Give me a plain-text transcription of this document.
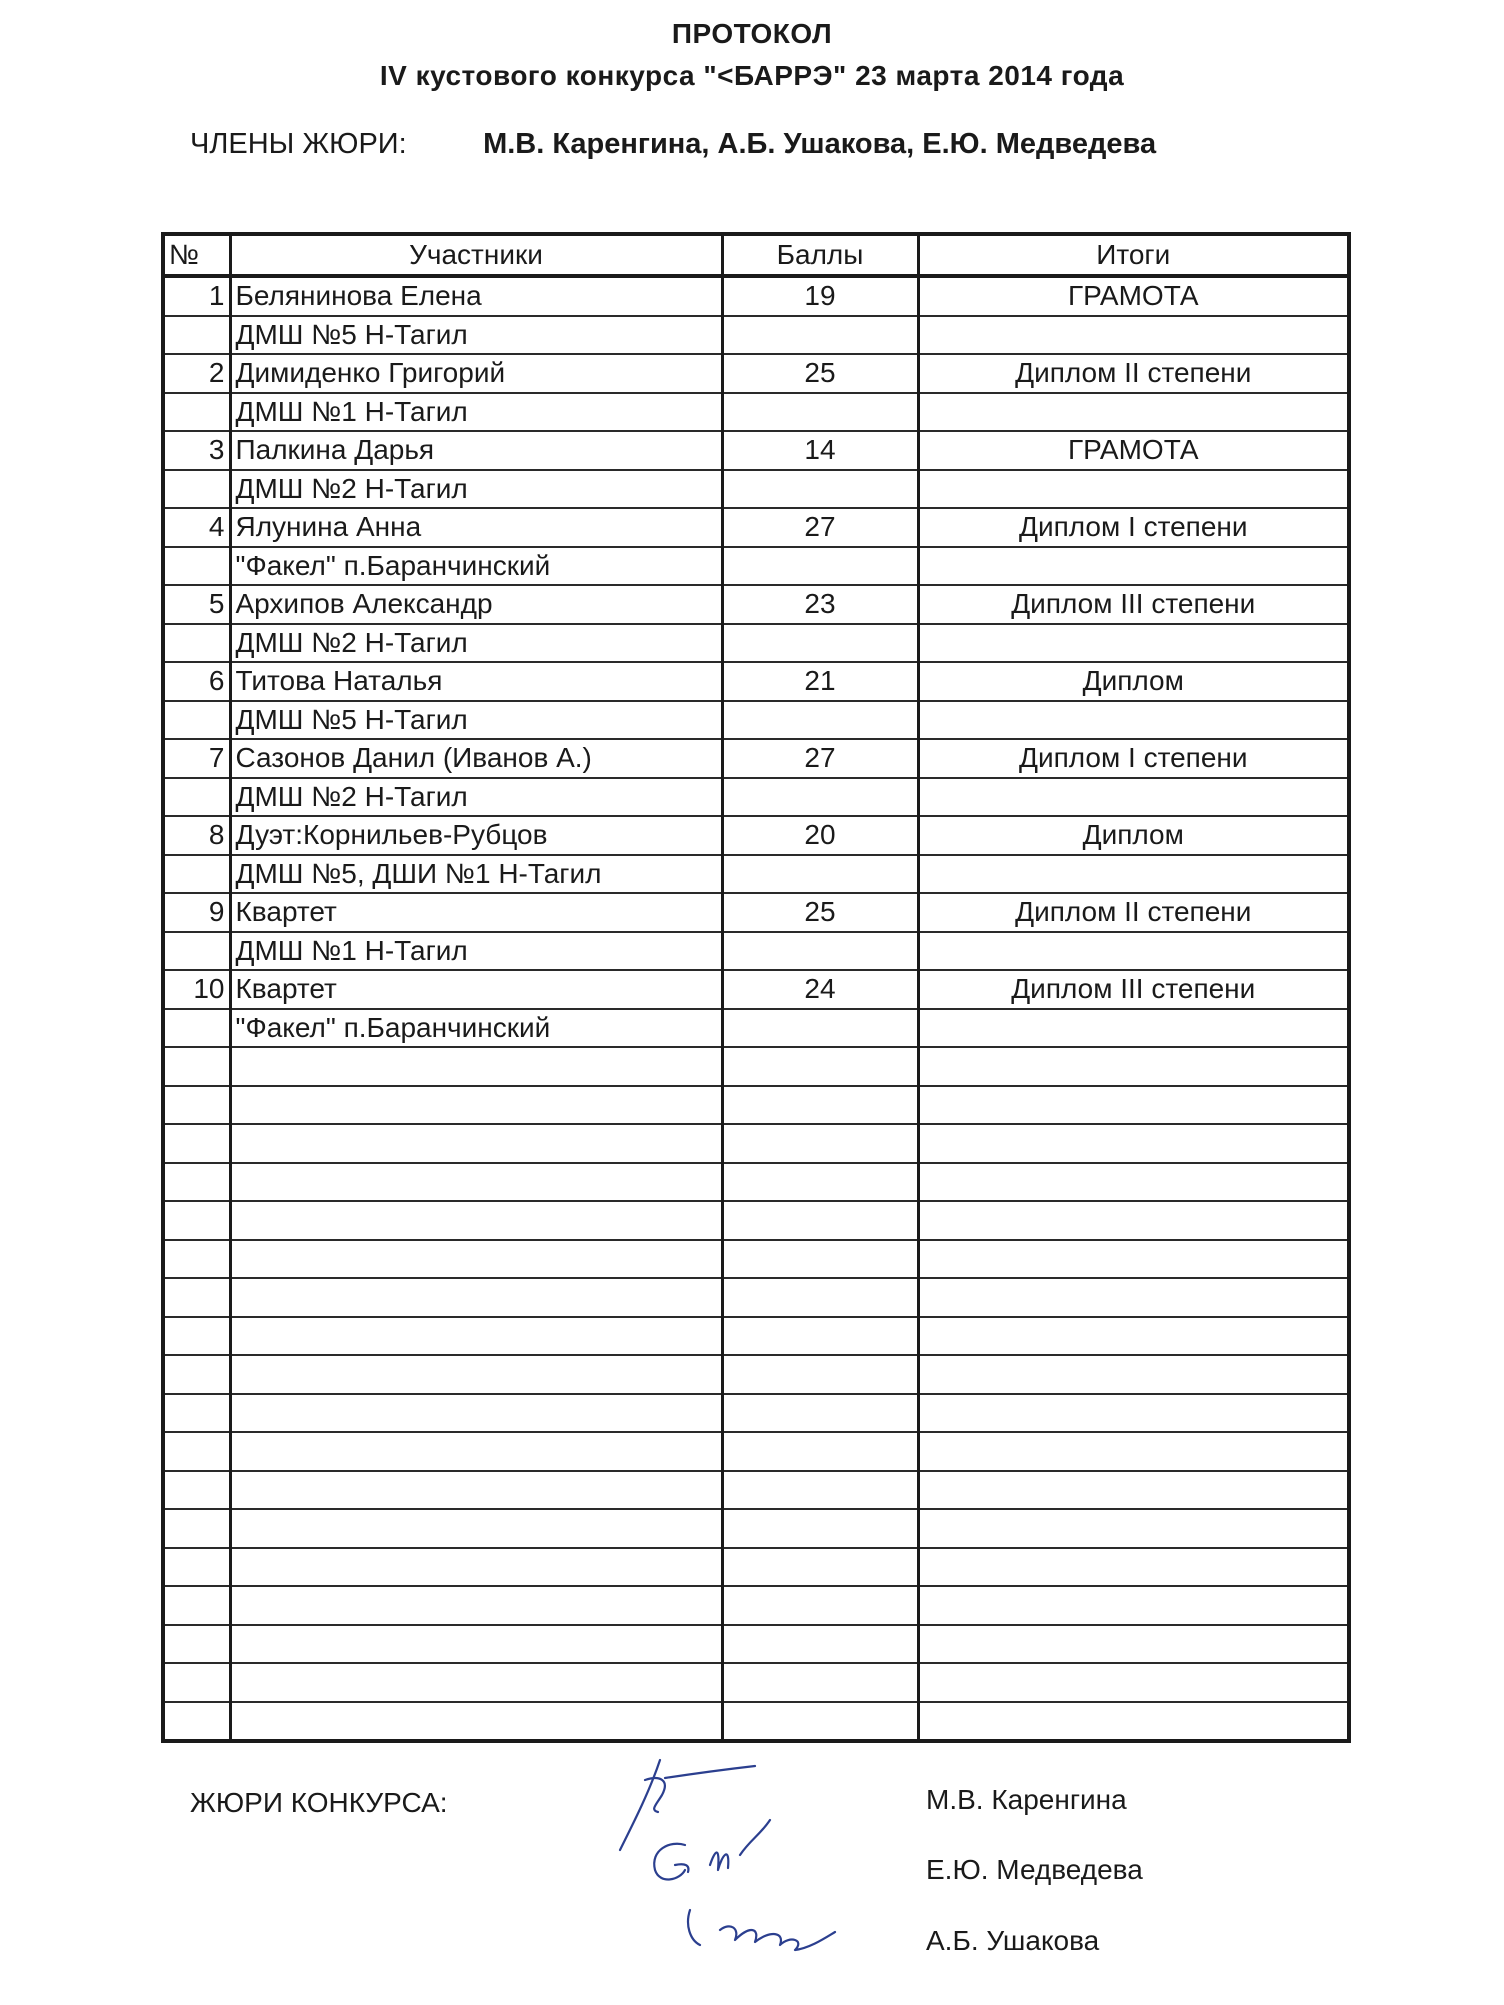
ПРОТОКОЛ
IV кустового конкурса "<БАРРЭ" 23 марта 2014 года
ЧЛЕНЫ ЖЮРИ:	М.В. Каренгина, А.Б. Ушакова, Е.Ю. Медведева
№	Участники	Баллы	Итоги
1	Белянинова Елена	19	ГРАМОТА
	ДМШ №5 Н-Тагил		
2	Димиденко Григорий	25	Диплом II степени
	ДМШ №1 Н-Тагил		
3	Палкина Дарья	14	ГРАМОТА
	ДМШ №2 Н-Тагил		
4	Ялунина Анна	27	Диплом I степени
	"Факел" п.Баранчинский		
5	Архипов Александр	23	Диплом III степени
	ДМШ №2 Н-Тагил		
6	Титова Наталья	21	Диплом
	ДМШ №5 Н-Тагил		
7	Сазонов Данил (Иванов А.)	27	Диплом I степени
	ДМШ №2 Н-Тагил		
8	Дуэт:Корнильев-Рубцов	20	Диплом
	ДМШ №5, ДШИ №1 Н-Тагил		
9	Квартет	25	Диплом II степени
	ДМШ №1 Н-Тагил		
10	Квартет	24	Диплом III степени
	"Факел" п.Баранчинский		

ЖЮРИ КОНКУРСА:	М.В. Каренгина
Е.Ю. Медведева
А.Б. Ушакова
